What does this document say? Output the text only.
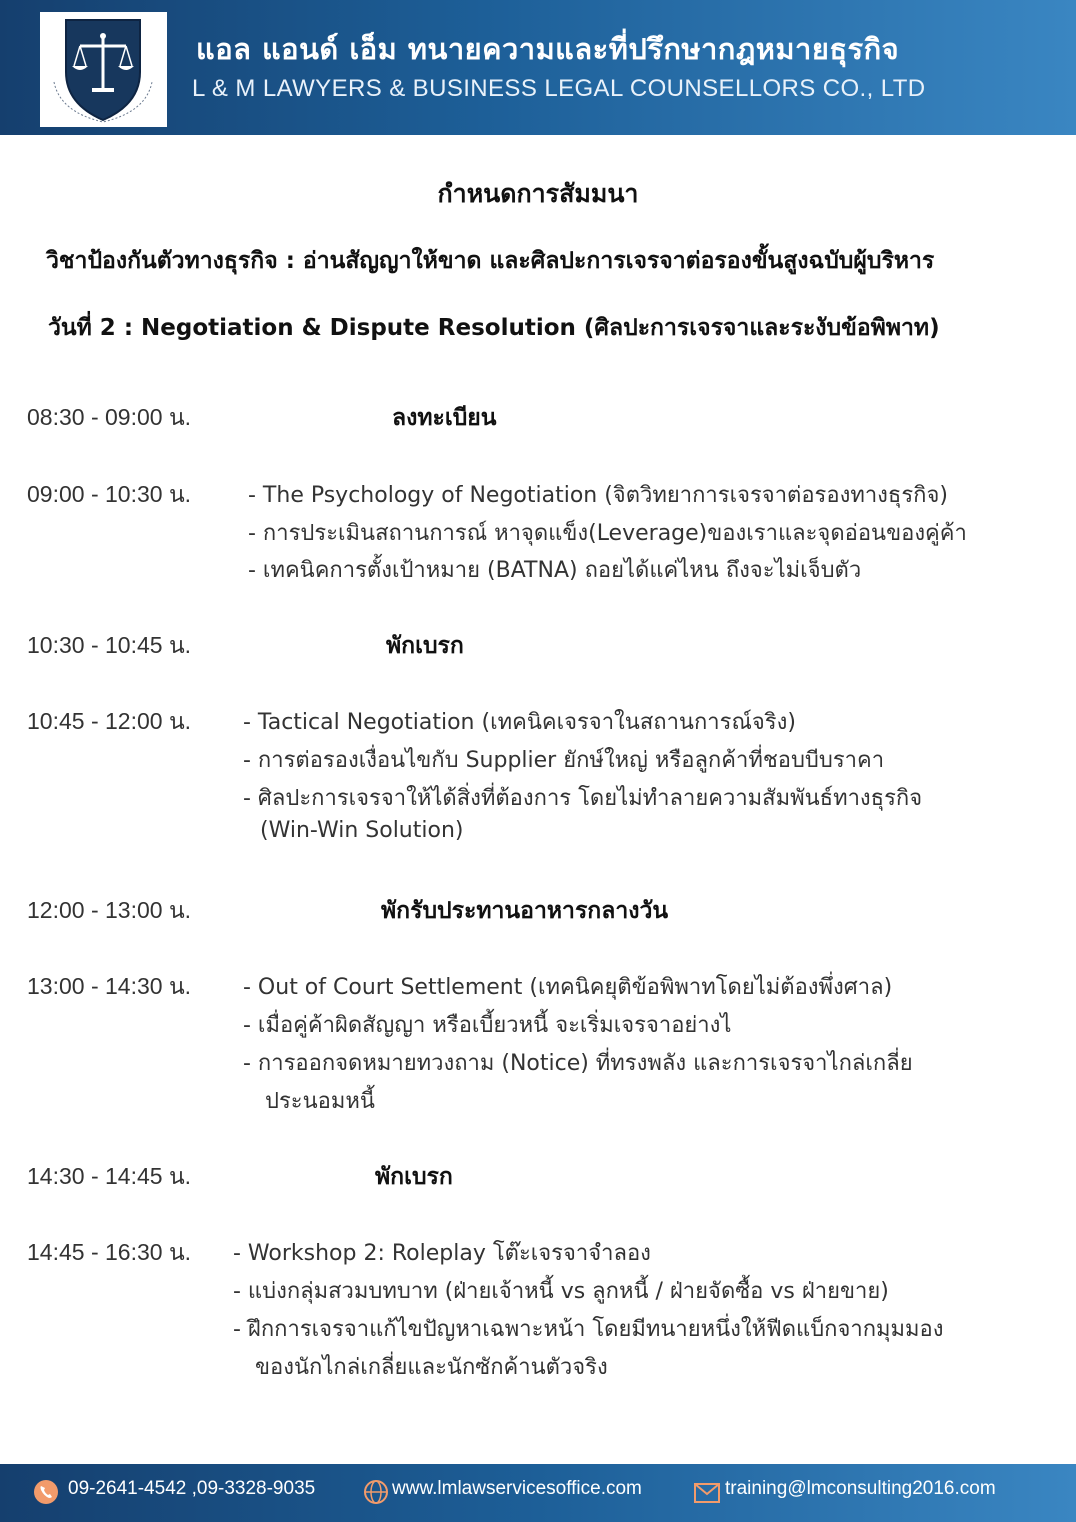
แอล แอนด์ เอ็ม ทนายความและที่ปรึกษากฎหมายธุรกิจ
L & M LAWYERS & BUSINESS LEGAL COUNSELLORS CO., LTD
กำหนดการสัมมนา
วิชาป้องกันตัวทางธุรกิจ : อ่านสัญญาให้ขาด และศิลปะการเจรจาต่อรองขั้นสูงฉบับผู้บริหาร
วันที่ 2 : Negotiation & Dispute Resolution (ศิลปะการเจรจาและระงับข้อพิพาท)
08:30 - 09:00 น.	ลงทะเบียน
09:00 - 10:30 น.	- The Psychology of Negotiation (จิตวิทยาการเจรจาต่อรองทางธุรกิจ)
- การประเมินสถานการณ์ หาจุดแข็ง(Leverage)ของเราและจุดอ่อนของคู่ค้า
- เทคนิคการตั้งเป้าหมาย (BATNA) ถอยได้แค่ไหน ถึงจะไม่เจ็บตัว
10:30 - 10:45 น.	พักเบรก
10:45 - 12:00 น. - Tactical Negotiation (เทคนิคเจรจาในสถานการณ์จริง)
- การต่อรองเงื่อนไขกับ Supplier ยักษ์ใหญ่ หรือลูกค้าที่ชอบบีบราคา
- ศิลปะการเจรจาให้ได้สิ่งที่ต้องการ โดยไม่ทำลายความสัมพันธ์ทางธุรกิจ
(Win-Win Solution)
12:00 - 13:00 น.	พักรับประทานอาหารกลางวัน
13:00 - 14:30 น. - Out of Court Settlement (เทคนิคยุติข้อพิพาทโดยไม่ต้องพึ่งศาล)
- เมื่อคู่ค้าผิดสัญญา หรือเบี้ยวหนี้ จะเริ่มเจรจาอย่างไ
- การออกจดหมายทวงถาม (Notice) ที่ทรงพลัง และการเจรจาไกล่เกลี่ย
ประนอมหนี้
14:30 - 14:45 น.	พักเบรก
14:45 - 16:30 น. - Workshop 2: Roleplay โต๊ะเจรจาจำลอง
- แบ่งกลุ่มสวมบทบาท (ฝ่ายเจ้าหนี้ vs ลูกหนี้ / ฝ่ายจัดซื้อ vs ฝ่ายขาย)
- ฝึกการเจรจาแก้ไขปัญหาเฉพาะหน้า โดยมีทนายหนึ่งให้ฟีดแบ็กจากมุมมอง
ของนักไกล่เกลี่ยและนักซักค้านตัวจริง
09-2641-4542 ,09-3328-9035	www.lmlawservicesoffice.com	training@lmconsulting2016.com
